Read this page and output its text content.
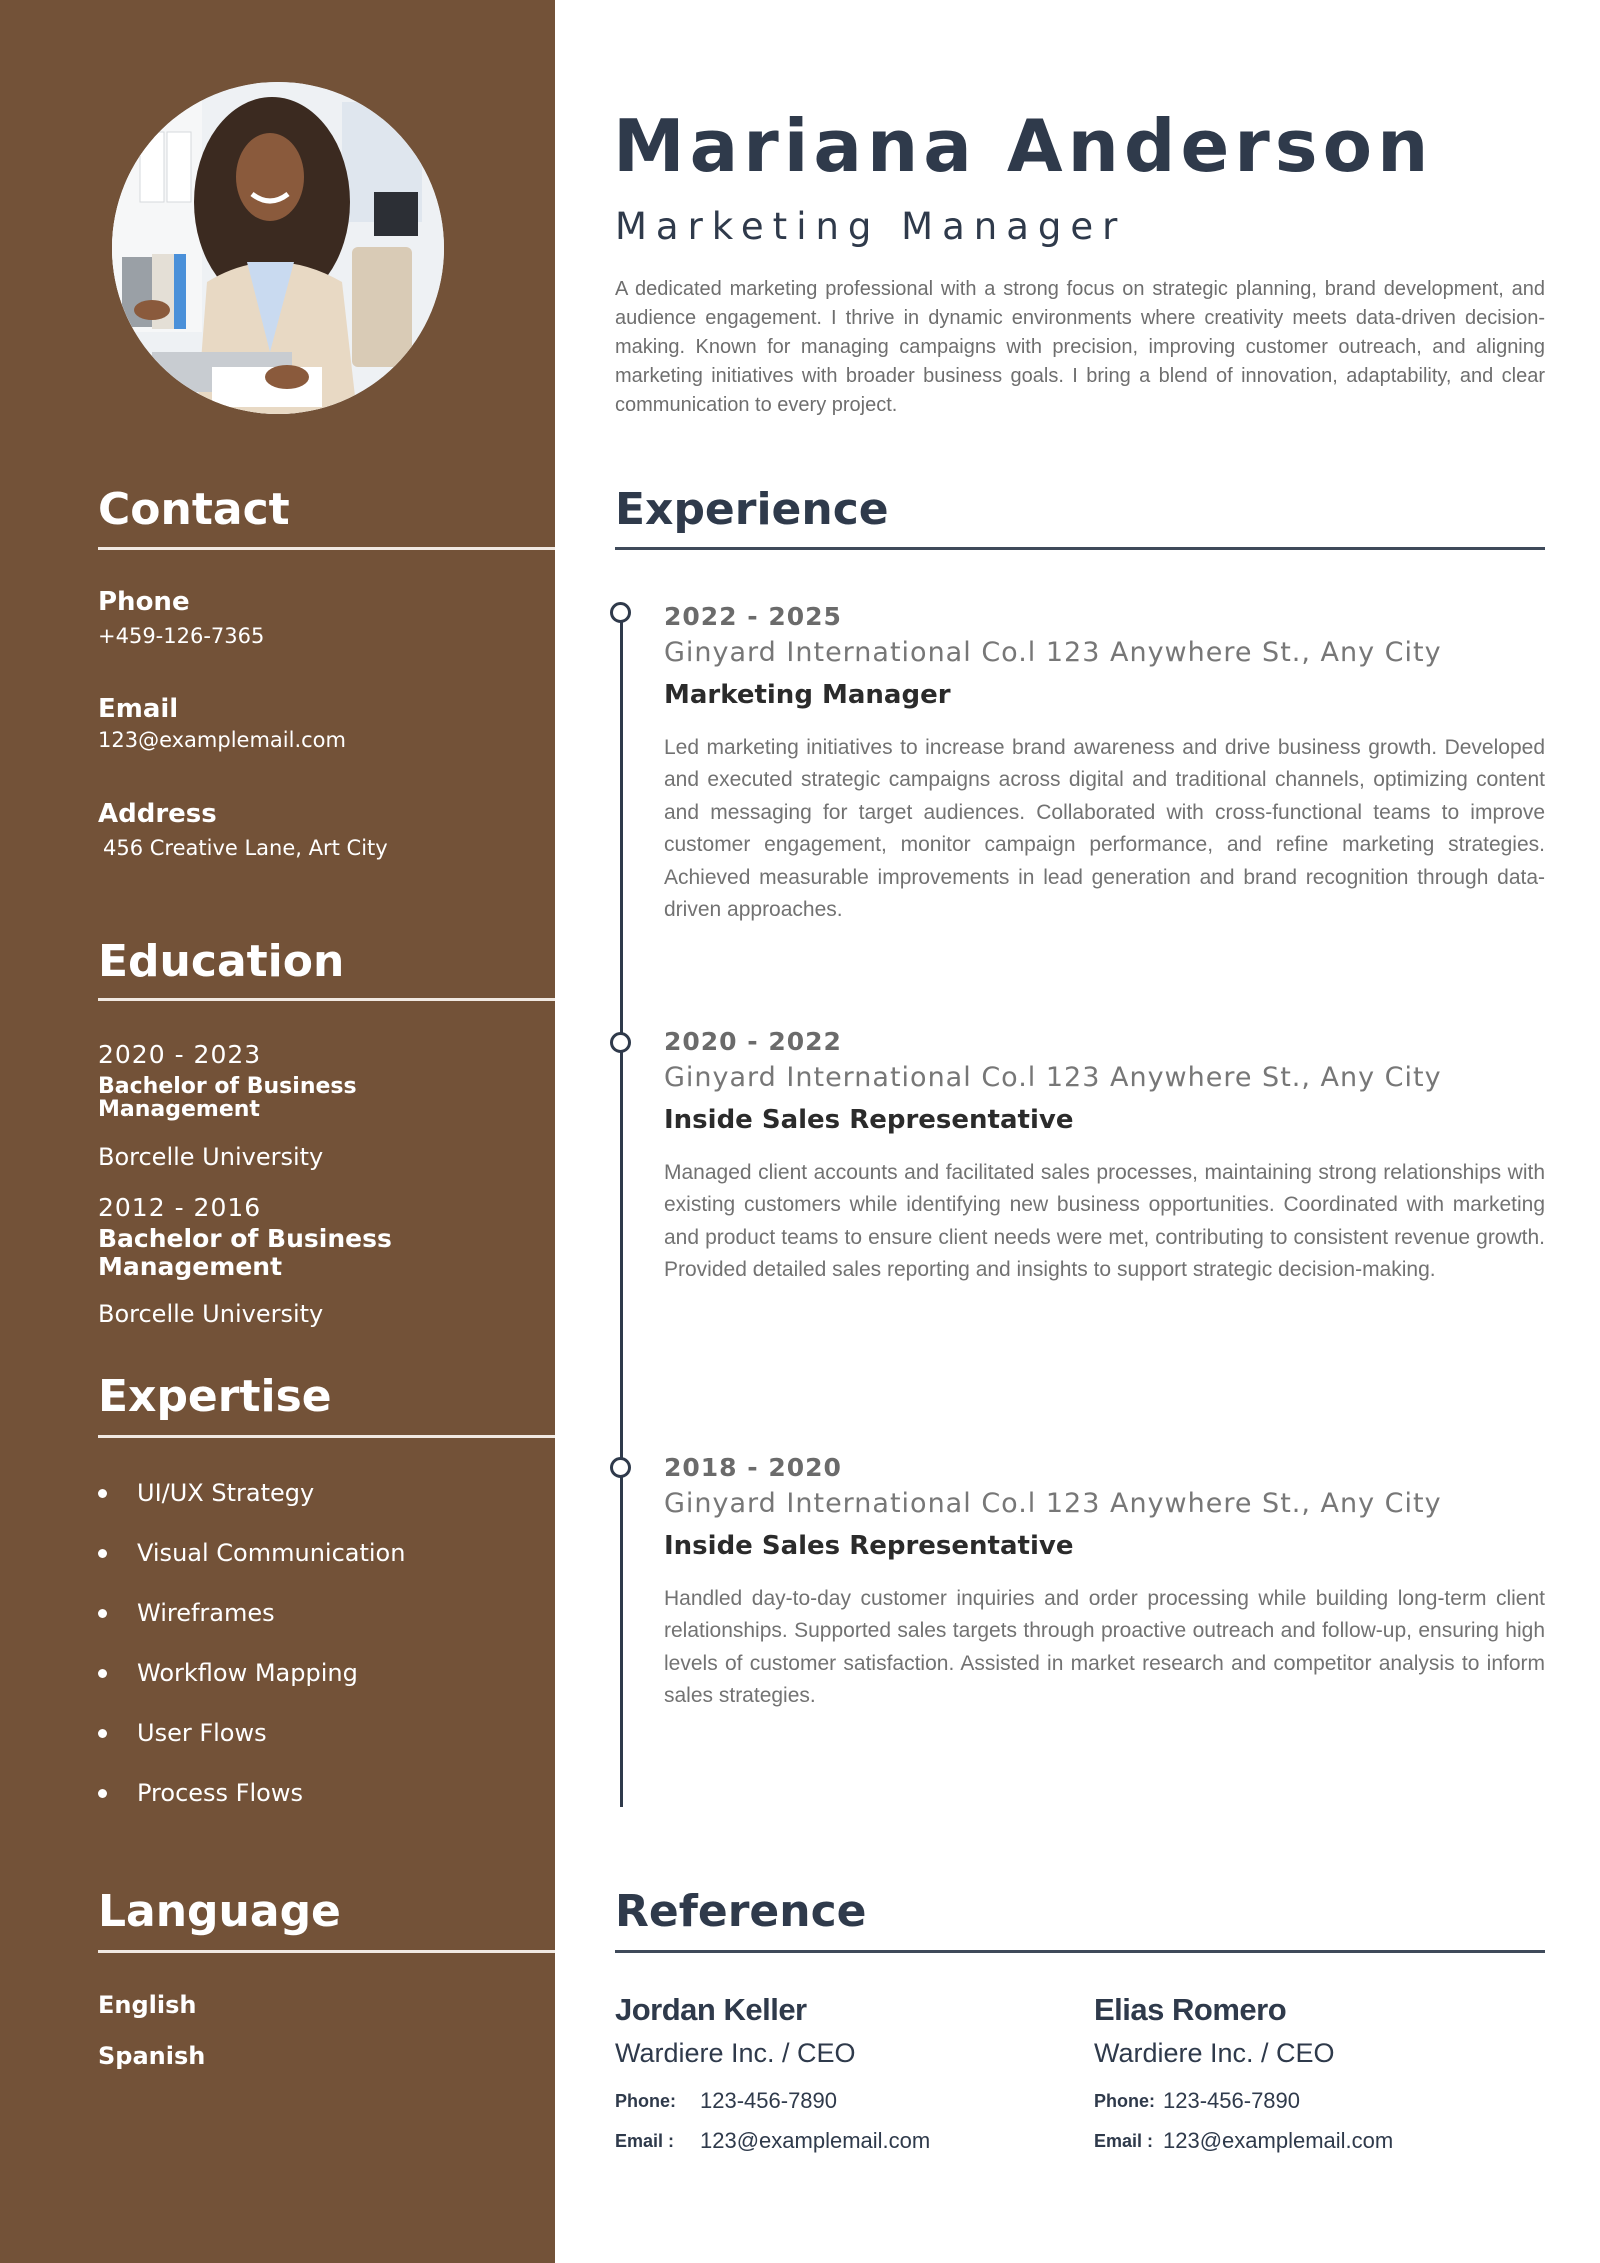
Contact
Phone
+459-126-7365
Email
123@examplemail.com
Address
456 Creative Lane, Art City
Education
2020 - 2023
Bachelor of Business
Management
Borcelle University
2012 - 2016
Bachelor of Business
Management
Borcelle University
Expertise
UI/UX Strategy
Visual Communication
Wireframes
Workflow Mapping
User Flows
Process Flows
Language
English
Spanish
Mariana Anderson
Marketing Manager
A dedicated marketing professional with a strong focus on strategic planning, brand development, and audience engagement. I thrive in dynamic environments where creativity meets data-driven decision-making. Known for managing campaigns with precision, improving customer outreach, and aligning marketing initiatives with broader business goals. I bring a blend of innovation, adaptability, and clear communication to every project.
Experience
2022 - 2025
Ginyard International Co.l 123 Anywhere St., Any City
Marketing Manager
Led marketing initiatives to increase brand awareness and drive business growth. Developed and executed strategic campaigns across digital and traditional channels, optimizing content and messaging for target audiences. Collaborated with cross-functional teams to improve customer engagement, monitor campaign performance, and refine marketing strategies. Achieved measurable improvements in lead generation and brand recognition through data-driven approaches.
2020 - 2022
Ginyard International Co.l 123 Anywhere St., Any City
Inside Sales Representative
Managed client accounts and facilitated sales processes, maintaining strong relationships with existing customers while identifying new business opportunities. Coordinated with marketing and product teams to ensure client needs were met, contributing to consistent revenue growth. Provided detailed sales reporting and insights to support strategic decision-making.
2018 - 2020
Ginyard International Co.l 123 Anywhere St., Any City
Inside Sales Representative
Handled day-to-day customer inquiries and order processing while building long-term client relationships. Supported sales targets through proactive outreach and follow-up, ensuring high levels of customer satisfaction. Assisted in market research and competitor analysis to inform sales strategies.
Reference
Jordan Keller
Wardiere Inc. / CEO
Phone: 123-456-7890
Email : 123@examplemail.com
Elias Romero
Wardiere Inc. / CEO
Phone: 123-456-7890
Email : 123@examplemail.com
